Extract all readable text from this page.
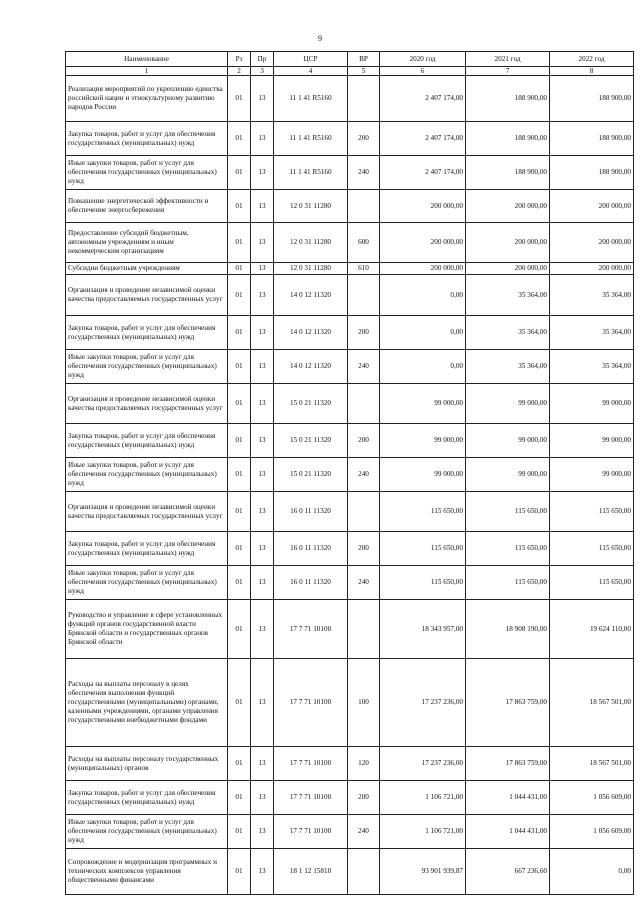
9
Наименование	Рз	Пр	ЦСР	ВР	2020 год	2021 год	2022 год
1	2	3	4	5	6	7	8
Реализация мероприятий по укреплению единства российской нации и этнокультурному развитию народов России	01	13	11 1 41 R5160		2 407 174,00	188 900,00	188 900,00
Закупка товаров, работ и услуг для обеспечения государственных (муниципальных) нужд	01	13	11 1 41 R5160	200	2 407 174,00	188 900,00	188 900,00
Иные закупки товаров, работ и услуг для обеспечения государственных (муниципальных) нужд	01	13	11 1 41 R5160	240	2 407 174,00	188 900,00	188 900,00
Повышение энергетической эффективности и обеспечение энергосбережения	01	13	12 0 31 11280		200 000,00	200 000,00	200 000,00
Предоставление субсидий бюджетным, автономным учреждениям и иным некоммерческим организациям	01	13	12 0 31 11280	600	200 000,00	200 000,00	200 000,00
Субсидии бюджетным учреждениям	01	13	12 0 31 11280	610	200 000,00	200 000,00	200 000,00
Организация и проведение независимой оценки качества предоставляемых государственных услуг	01	13	14 0 12 11320		0,00	35 364,00	35 364,00
Закупка товаров, работ и услуг для обеспечения государственных (муниципальных) нужд	01	13	14 0 12 11320	200	0,00	35 364,00	35 364,00
Иные закупки товаров, работ и услуг для обеспечения государственных (муниципальных) нужд	01	13	14 0 12 11320	240	0,00	35 364,00	35 364,00
Организация и проведение независимой оценки качества предоставляемых государственных услуг	01	13	15 0 21 11320		99 000,00	99 000,00	99 000,00
Закупка товаров, работ и услуг для обеспечения государственных (муниципальных) нужд	01	13	15 0 21 11320	200	99 000,00	99 000,00	99 000,00
Иные закупки товаров, работ и услуг для обеспечения государственных (муниципальных) нужд	01	13	15 0 21 11320	240	99 000,00	99 000,00	99 000,00
Организация и проведение независимой оценки качества предоставляемых государственных услуг	01	13	16 0 11 11320		115 650,00	115 650,00	115 650,00
Закупка товаров, работ и услуг для обеспечения государственных (муниципальных) нужд	01	13	16 0 11 11320	200	115 650,00	115 650,00	115 650,00
Иные закупки товаров, работ и услуг для обеспечения государственных (муниципальных) нужд	01	13	16 0 11 11320	240	115 650,00	115 650,00	115 650,00
Руководство и управление в сфере установленных функций органов государственной власти Брянской области и государственных органов Брянской области	01	13	17 7 71 10100		18 343 957,00	18 908 190,00	19 624 110,00
Расходы на выплаты персоналу в целях обеспечения выполнения функций государственными (муниципальными) органами, казенными учреждениями, органами управления государственными внебюджетными фондами	01	13	17 7 71 10100	100	17 237 236,00	17 863 759,00	18 567 501,00
Расходы на выплаты персоналу государственных (муниципальных) органов	01	13	17 7 71 10100	120	17 237 236,00	17 863 759,00	18 567 501,00
Закупка товаров, работ и услуг для обеспечения государственных (муниципальных) нужд	01	13	17 7 71 10100	200	1 106 721,00	1 044 431,00	1 056 609,00
Иные закупки товаров, работ и услуг для обеспечения государственных (муниципальных) нужд	01	13	17 7 71 10100	240	1 106 721,00	1 044 431,00	1 056 609,00
Сопровождение и модернизация программных и технических комплексов управления общественными финансами	01	13	18 1 12 15810		93 901 939,87	667 236,60	0,00
